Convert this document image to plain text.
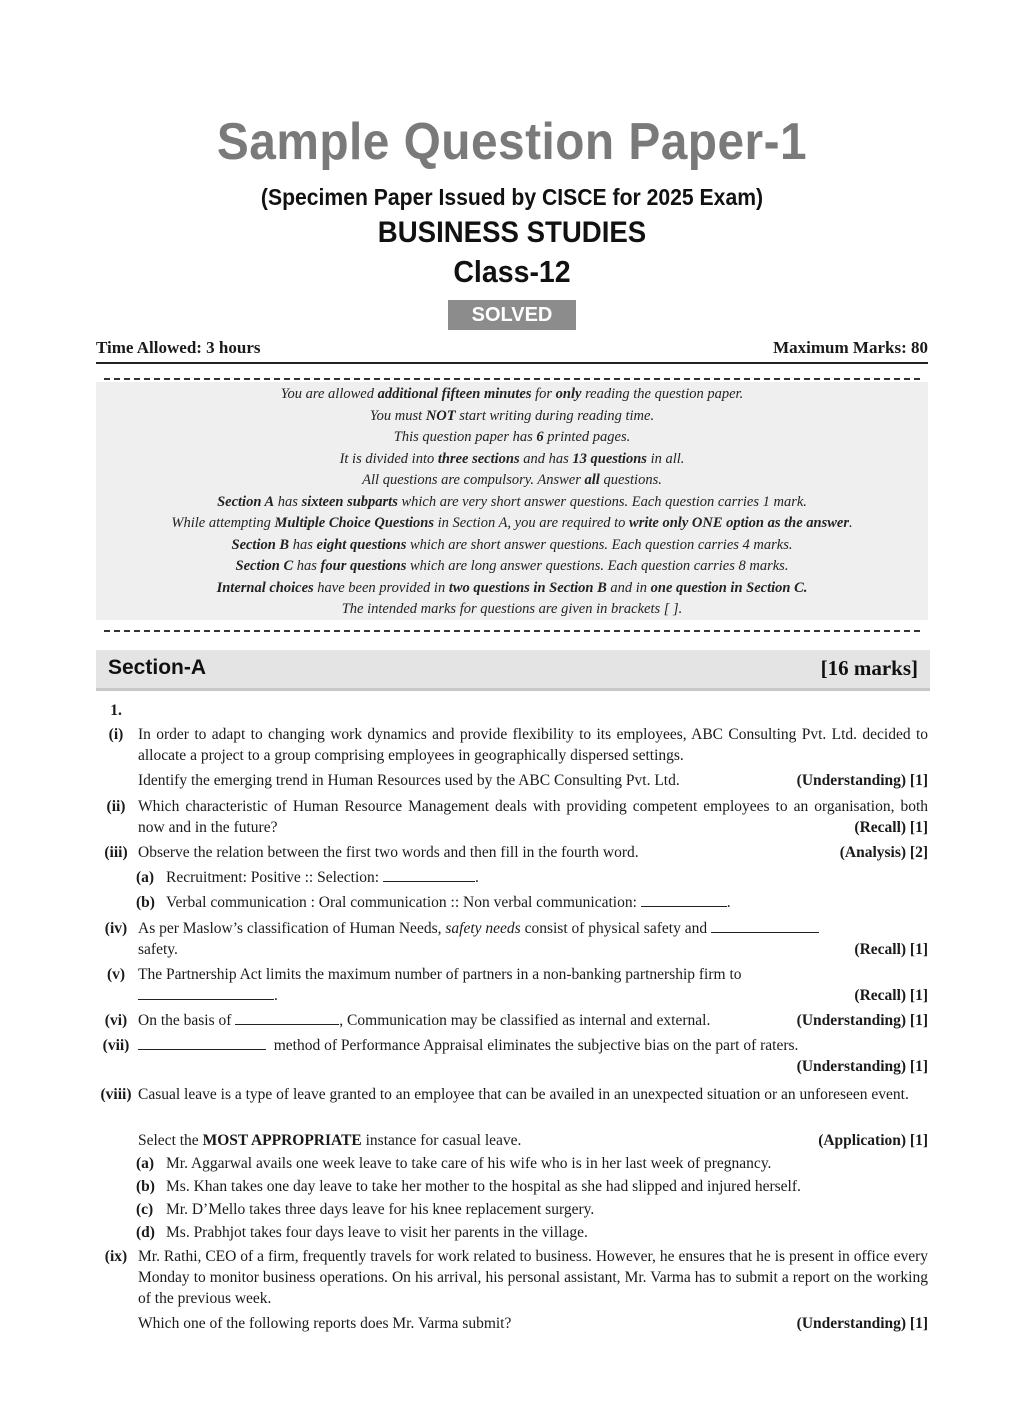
Sample Question Paper-1
(Specimen Paper Issued by CISCE for 2025 Exam)
BUSINESS STUDIES
Class-12
SOLVED
Time Allowed: 3 hours	Maximum Marks: 80
You are allowed additional fifteen minutes for only reading the question paper.
You must NOT start writing during reading time.
This question paper has 6 printed pages.
It is divided into three sections and has 13 questions in all.
All questions are compulsory. Answer all questions.
Section A has sixteen subparts which are very short answer questions. Each question carries 1 mark.
While attempting Multiple Choice Questions in Section A, you are required to write only ONE option as the answer.
Section B has eight questions which are short answer questions. Each question carries 4 marks.
Section C has four questions which are long answer questions. Each question carries 8 marks.
Internal choices have been provided in two questions in Section B and in one question in Section C.
The intended marks for questions are given in brackets [ ].
Section-A	[16 marks]
1.
(i) In order to adapt to changing work dynamics and provide flexibility to its employees, ABC Consulting Pvt. Ltd. decided to allocate a project to a group comprising employees in geographically dispersed settings.
(Understanding) [1]
Identify the emerging trend in Human Resources used by the ABC Consulting Pvt. Ltd.
(ii) Which characteristic of Human Resource Management deals with providing competent employees to an organisation, both now and in the future?	(Recall) [1]
(iii)	(Analysis) [2]
Observe the relation between the first two words and then fill in the fourth word.
(a) Recruitment: Positive :: Selection:	.
(b) Verbal communication : Oral communication :: Non verbal communication:	.
(iv) As per Maslow’s classification of Human Needs, safety needs consist of physical safety and
safety.	(Recall) [1]
(v) The Partnership Act limits the maximum number of partners in a non-banking partnership firm to
.	(Recall) [1]
(vi)	(Understanding) [1]
On the basis of	, Communication may be classified as internal and external.
(vii)	method of Performance Appraisal eliminates the subjective bias on the part of raters.

(Understanding) [1]

(viii) Casual leave is a type of leave granted to an employee that can be availed in an unexpected situation or an unforeseen event.
(Application) [1]
Select the MOST APPROPRIATE instance for casual leave.
(a) Mr. Aggarwal avails one week leave to take care of his wife who is in her last week of pregnancy.
(b) Ms. Khan takes one day leave to take her mother to the hospital as she had slipped and injured herself.
(c) Mr. D’Mello takes three days leave for his knee replacement surgery.
(d) Ms. Prabhjot takes four days leave to visit her parents in the village.
(ix) Mr. Rathi, CEO of a firm, frequently travels for work related to business. However, he ensures that he is present in office every Monday to monitor business operations. On his arrival, his personal assistant, Mr. Varma has to submit a report on the working of the previous week.
(Understanding) [1]
Which one of the following reports does Mr. Varma submit?
